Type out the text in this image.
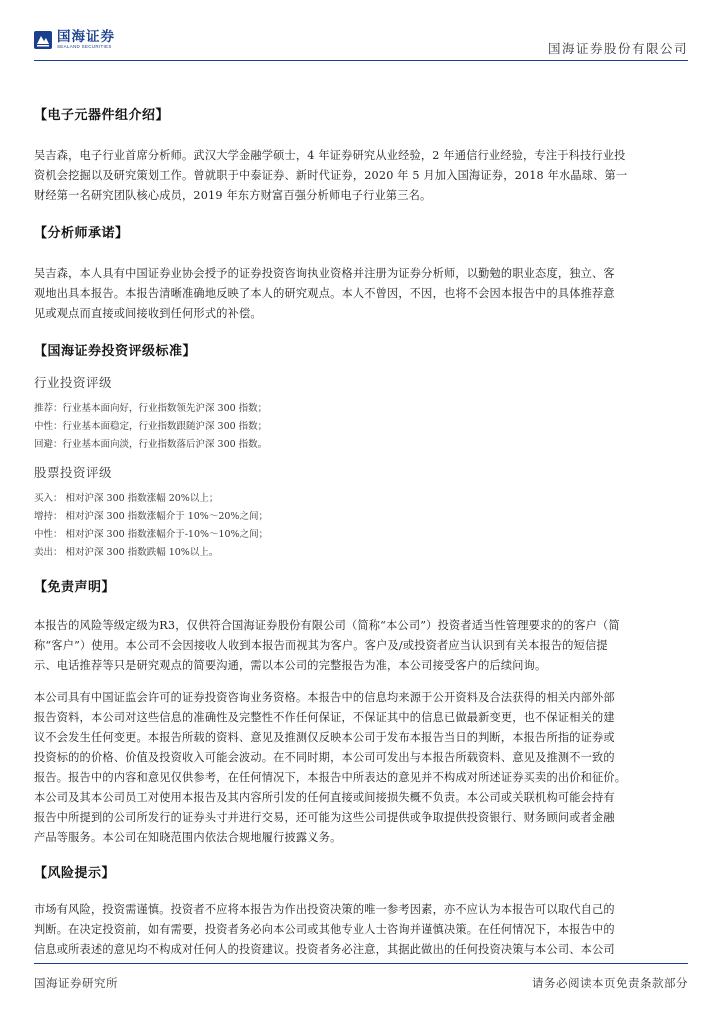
国海证券
SEALAND SECURITIES	国海证券股份有限公司

【电子元器件组介绍】

吴吉森，电子行业首席分析师。武汉大学金融学硕士，4 年证券研究从业经验，2 年通信行业经验，专注于科技行业投

资机会挖掘以及研究策划工作。曾就职于中泰证券、新时代证券，2020 年 5 月加入国海证券，2018 年水晶球、第一

财经第一名研究团队核心成员，2019 年东方财富百强分析师电子行业第三名。

【分析师承诺】

吴吉森，本人具有中国证券业协会授予的证券投资咨询执业资格并注册为证券分析师，以勤勉的职业态度，独立、客

观地出具本报告。本报告清晰准确地反映了本人的研究观点。本人不曾因，不因，也将不会因本报告中的具体推荐意

见或观点而直接或间接收到任何形式的补偿。

【国海证券投资评级标准】

行业投资评级

推荐：行业基本面向好，行业指数领先沪深 300 指数；

中性：行业基本面稳定，行业指数跟随沪深 300 指数；

回避：行业基本面向淡，行业指数落后沪深 300 指数。

股票投资评级

买入： 相对沪深 300 指数涨幅 20%以上；

增持： 相对沪深 300 指数涨幅介于 10%～20%之间；

中性： 相对沪深 300 指数涨幅介于-10%～10%之间；

卖出： 相对沪深 300 指数跌幅 10%以上。

【免责声明】

本报告的风险等级定级为R3，仅供符合国海证券股份有限公司（简称“本公司”）投资者适当性管理要求的的客户（简

称“客户”）使用。本公司不会因接收人收到本报告而视其为客户。客户及/或投资者应当认识到有关本报告的短信提

示、电话推荐等只是研究观点的简要沟通，需以本公司的完整报告为准，本公司接受客户的后续问询。

本公司具有中国证监会许可的证券投资咨询业务资格。本报告中的信息均来源于公开资料及合法获得的相关内部外部

报告资料，本公司对这些信息的准确性及完整性不作任何保证，不保证其中的信息已做最新变更，也不保证相关的建

议不会发生任何变更。本报告所载的资料、意见及推测仅反映本公司于发布本报告当日的判断，本报告所指的证券或

投资标的的价格、价值及投资收入可能会波动。在不同时期，本公司可发出与本报告所载资料、意见及推测不一致的

报告。报告中的内容和意见仅供参考，在任何情况下，本报告中所表达的意见并不构成对所述证券买卖的出价和征价。

本公司及其本公司员工对使用本报告及其内容所引发的任何直接或间接损失概不负责。本公司或关联机构可能会持有

报告中所提到的公司所发行的证券头寸并进行交易，还可能为这些公司提供或争取提供投资银行、财务顾问或者金融

产品等服务。本公司在知晓范围内依法合规地履行披露义务。

【风险提示】

市场有风险，投资需谨慎。投资者不应将本报告为作出投资决策的唯一参考因素，亦不应认为本报告可以取代自己的

判断。在决定投资前，如有需要，投资者务必向本公司或其他专业人士咨询并谨慎决策。在任何情况下，本报告中的

信息或所表述的意见均不构成对任何人的投资建议。投资者务必注意，其据此做出的任何投资决策与本公司、本公司

国海证券研究所	请务必阅读本页免责条款部分
